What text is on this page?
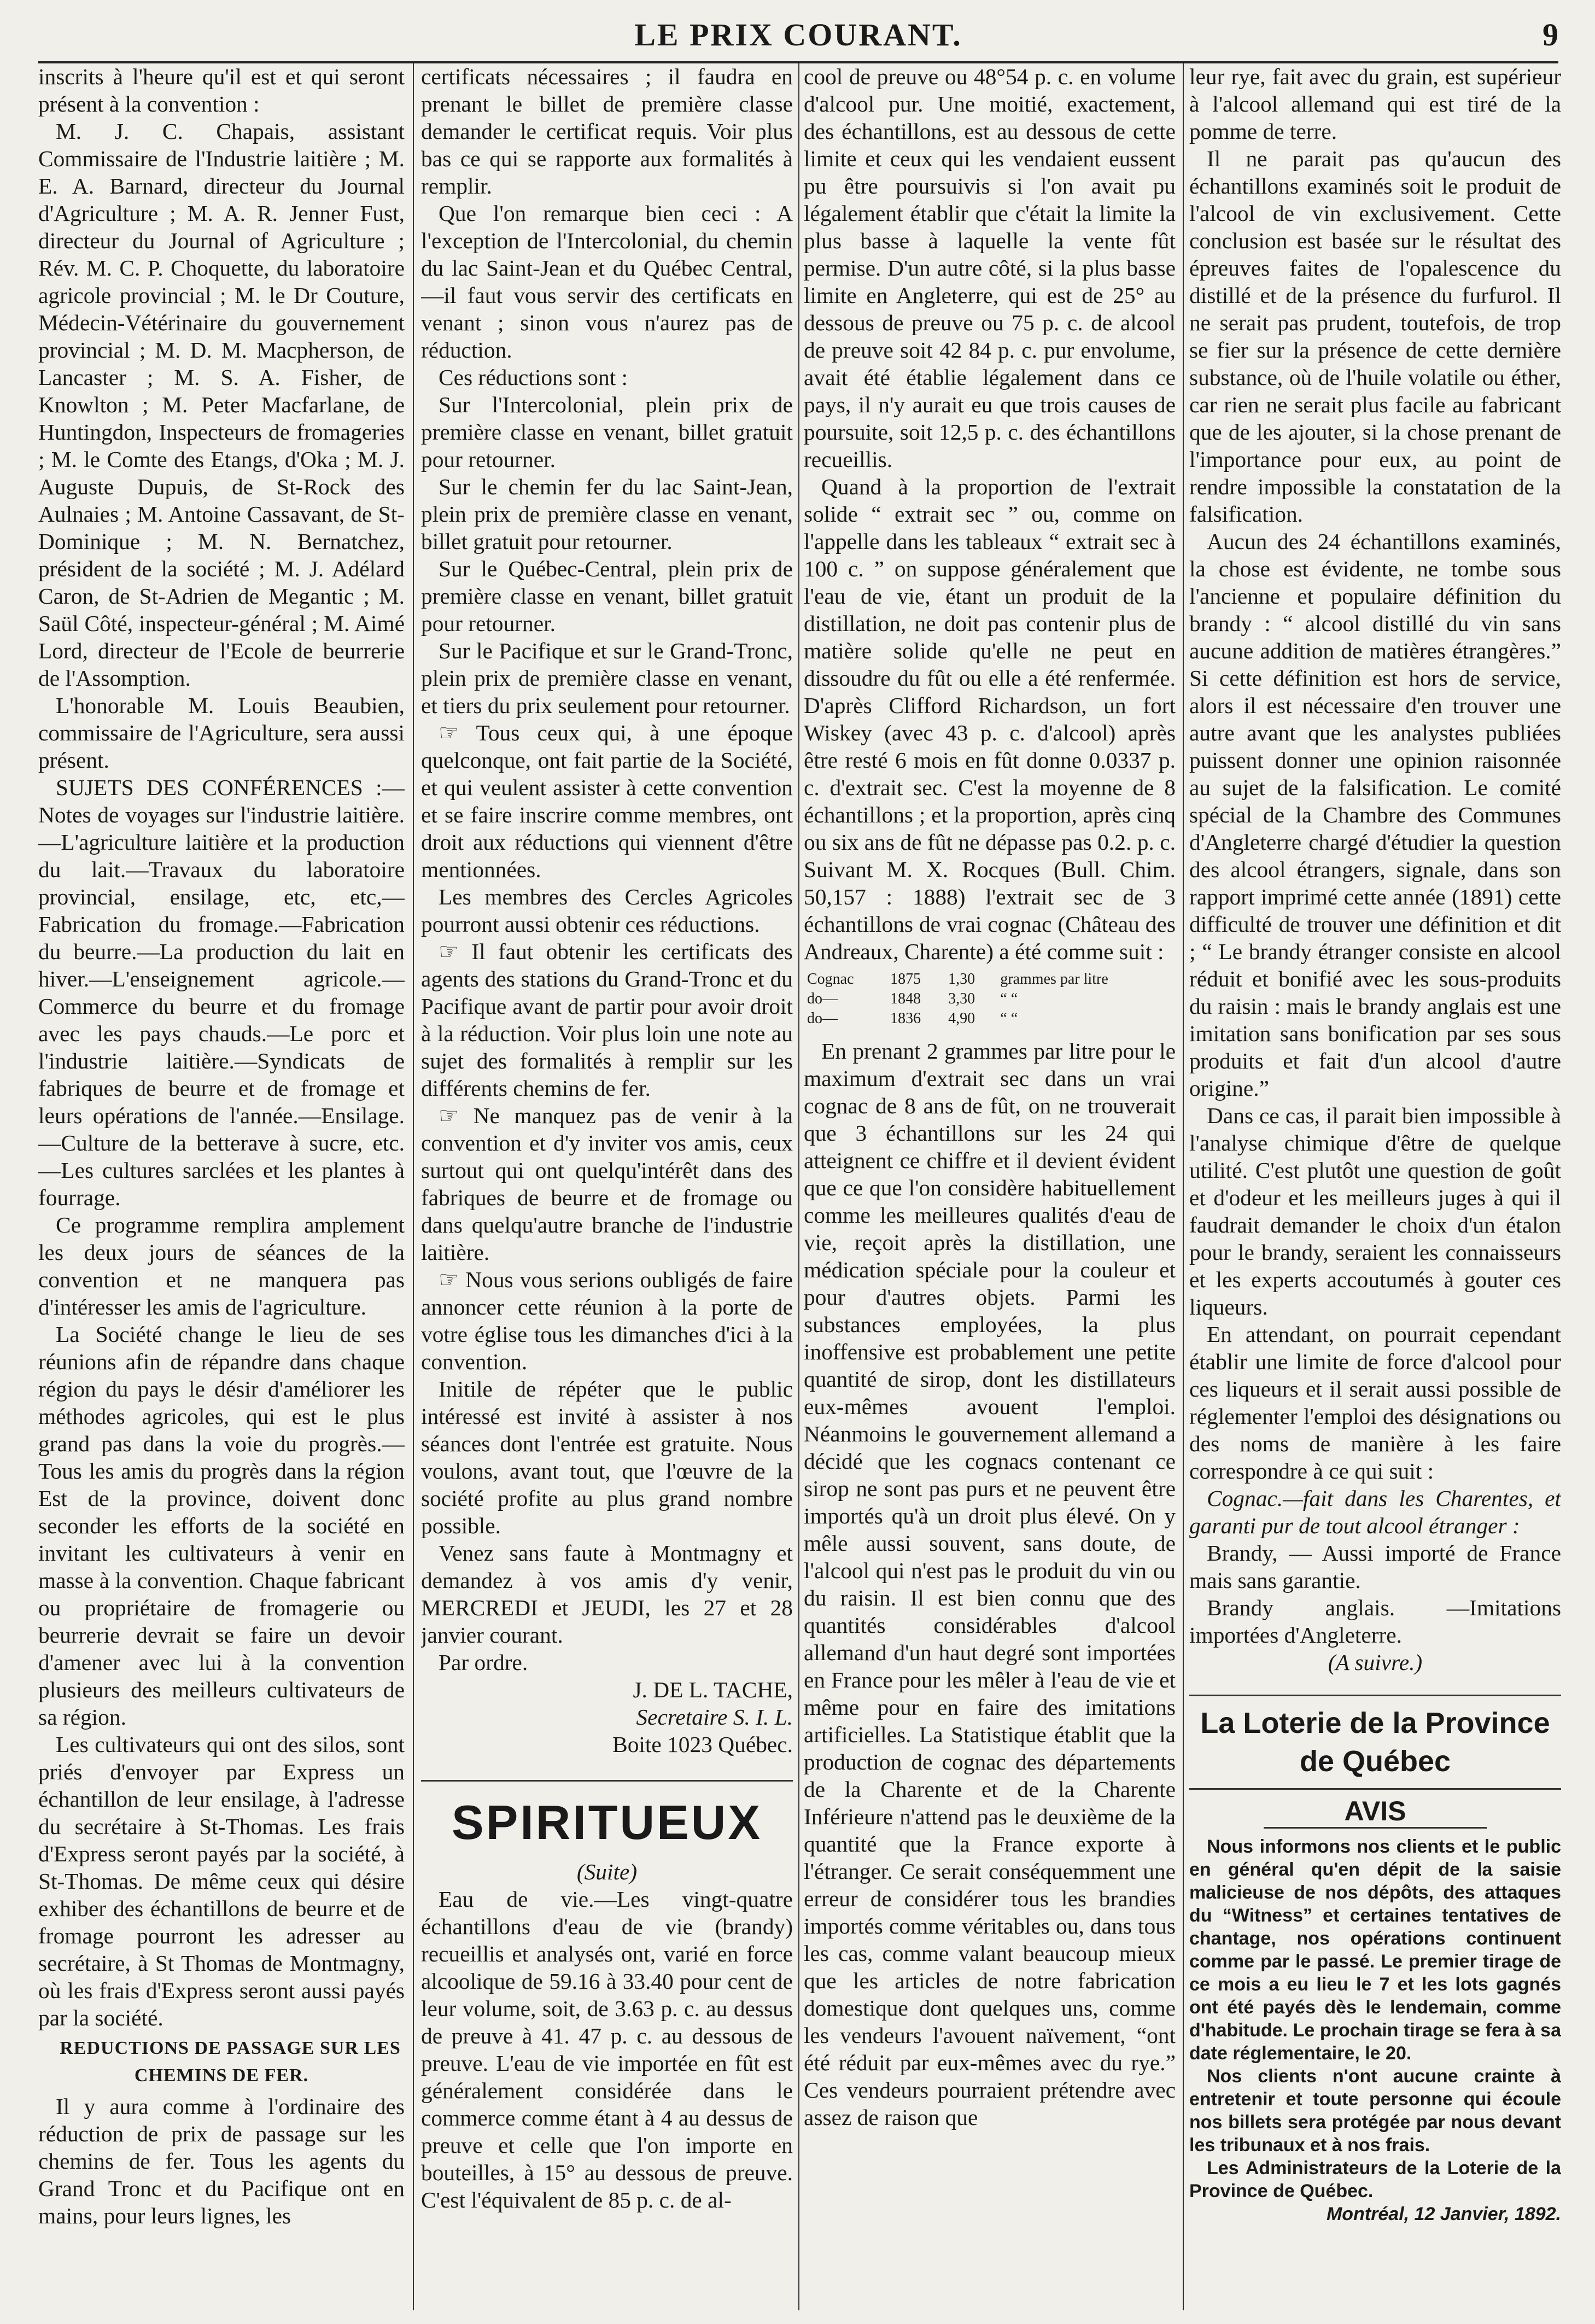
LE PRIX COURANT.	9

inscrits à l'heure qu'il est et qui seront présent à la convention :

M. J. C. Chapais, assistant Commissaire de l'Industrie laitière ; M. E. A. Barnard, directeur du Journal d'Agriculture ; M. A. R. Jenner Fust, directeur du Journal of Agriculture ; Rév. M. C. P. Choquette, du laboratoire agricole provincial ; M. le Dr Couture, Médecin-Vétérinaire du gouvernement provincial ; M. D. M. Macpherson, de Lancaster ; M. S. A. Fisher, de Knowlton ; M. Peter Macfarlane, de Huntingdon, Inspecteurs de fromageries ; M. le Comte des Etangs, d'Oka ; M. J. Auguste Dupuis, de St-Rock des Aulnaies ; M. Antoine Cassavant, de St-Dominique ; M. N. Bernatchez, président de la société ; M. J. Adélard Caron, de St-Adrien de Megantic ; M. Saül Côté, inspecteur-général ; M. Aimé Lord, directeur de l'Ecole de beurrerie de l'Assomption.

L'honorable M. Louis Beaubien, commissaire de l'Agriculture, sera aussi présent.

SUJETS DES CONFÉRENCES :— Notes de voyages sur l'industrie laitière.—L'agriculture laitière et la production du lait.—Travaux du laboratoire provincial, ensilage, etc, etc,—Fabrication du fromage.—Fabrication du beurre.—La production du lait en hiver.—L'enseignement agricole.—Commerce du beurre et du fromage avec les pays chauds.—Le porc et l'industrie laitière.—Syndicats de fabriques de beurre et de fromage et leurs opérations de l'année.—Ensilage.—Culture de la betterave à sucre, etc. —Les cultures sarclées et les plantes à fourrage.

Ce programme remplira amplement les deux jours de séances de la convention et ne manquera pas d'intéresser les amis de l'agriculture.

La Société change le lieu de ses réunions afin de répandre dans chaque région du pays le désir d'améliorer les méthodes agricoles, qui est le plus grand pas dans la voie du progrès.—Tous les amis du progrès dans la région Est de la province, doivent donc seconder les efforts de la société en invitant les cultivateurs à venir en masse à la convention. Chaque fabricant ou propriétaire de fromagerie ou beurrerie devrait se faire un devoir d'amener avec lui à la convention plusieurs des meilleurs cultivateurs de sa région.

Les cultivateurs qui ont des silos, sont priés d'envoyer par Express un échantillon de leur ensilage, à l'adresse du secrétaire à St-Thomas. Les frais d'Express seront payés par la société, à St-Thomas. De même ceux qui désire exhiber des échantillons de beurre et de fromage pourront les adresser au secrétaire, à St Thomas de Montmagny, où les frais d'Express seront aussi payés par la société.

REDUCTIONS DE PASSAGE SUR LES CHEMINS DE FER.

Il y aura comme à l'ordinaire des réduction de prix de passage sur les chemins de fer. Tous les agents du Grand Tronc et du Pacifique ont en mains, pour leurs lignes, les

certificats nécessaires ; il faudra en prenant le billet de première classe demander le certificat requis. Voir plus bas ce qui se rapporte aux formalités à remplir.

Que l'on remarque bien ceci : A l'exception de l'Intercolonial, du chemin du lac Saint-Jean et du Québec Central,—il faut vous servir des certificats en venant ; sinon vous n'aurez pas de réduction.

Ces réductions sont :

Sur l'Intercolonial, plein prix de première classe en venant, billet gratuit pour retourner.

Sur le chemin fer du lac Saint-Jean, plein prix de première classe en venant, billet gratuit pour retourner.

Sur le Québec-Central, plein prix de première classe en venant, billet gratuit pour retourner.

Sur le Pacifique et sur le Grand-Tronc, plein prix de première classe en venant, et tiers du prix seulement pour retourner.

☞ Tous ceux qui, à une époque quelconque, ont fait partie de la Société, et qui veulent assister à cette convention et se faire inscrire comme membres, ont droit aux réductions qui viennent d'être mentionnées.

Les membres des Cercles Agricoles pourront aussi obtenir ces réductions.

☞ Il faut obtenir les certificats des agents des stations du Grand-Tronc et du Pacifique avant de partir pour avoir droit à la réduction. Voir plus loin une note au sujet des formalités à remplir sur les différents chemins de fer.

☞ Ne manquez pas de venir à la convention et d'y inviter vos amis, ceux surtout qui ont quelqu'intérêt dans des fabriques de beurre et de fromage ou dans quelqu'autre branche de l'industrie laitière.

☞ Nous vous serions oubligés de faire annoncer cette réunion à la porte de votre église tous les dimanches d'ici à la convention.

Initile de répéter que le public intéressé est invité à assister à nos séances dont l'entrée est gratuite. Nous voulons, avant tout, que l'œuvre de la société profite au plus grand nombre possible.

Venez sans faute à Montmagny et demandez à vos amis d'y venir, MERCREDI et JEUDI, les 27 et 28 janvier courant.

Par ordre.

J. DE L. TACHE,

Secretaire S. I. L.

Boite 1023 Québec.

SPIRITUEUX

(Suite)

Eau de vie.—Les vingt-quatre échantillons d'eau de vie (brandy) recueillis et analysés ont, varié en force alcoolique de 59.16 à 33.40 pour cent de leur volume, soit, de 3.63 p. c. au dessus de preuve à 41. 47 p. c. au dessous de preuve. L'eau de vie importée en fût est généralement considérée dans le commerce comme étant à 4 au dessus de preuve et celle que l'on importe en bouteilles, à 15° au dessous de preuve. C'est l'équivalent de 85 p. c. de al-

cool de preuve ou 48°54 p. c. en volume d'alcool pur. Une moitié, exactement, des échantillons, est au dessous de cette limite et ceux qui les vendaient eussent pu être poursuivis si l'on avait pu légalement établir que c'était la limite la plus basse à laquelle la vente fût permise. D'un autre côté, si la plus basse limite en Angleterre, qui est de 25° au dessous de preuve ou 75 p. c. de alcool de preuve soit 42 84 p. c. pur envolume, avait été établie légalement dans ce pays, il n'y aurait eu que trois causes de poursuite, soit 12,5 p. c. des échantillons recueillis.

Quand à la proportion de l'extrait solide “ extrait sec ” ou, comme on l'appelle dans les tableaux “ extrait sec à 100 c. ” on suppose généralement que l'eau de vie, étant un produit de la distillation, ne doit pas contenir plus de matière solide qu'elle ne peut en dissoudre du fût ou elle a été renfermée. D'après Clifford Richardson, un fort Wiskey (avec 43 p. c. d'alcool) après être resté 6 mois en fût donne 0.0337 p. c. d'extrait sec. C'est la moyenne de 8 échantillons ; et la proportion, après cinq ou six ans de fût ne dépasse pas 0.2. p. c. Suivant M. X. Rocques (Bull. Chim. 50,157 : 1888) l'extrait sec de 3 échantillons de vrai cognac (Château des Andreaux, Charente) a été comme suit :

Cognac	1875	1,30	grammes par litre
do—	1848	3,30	“ “
do—	1836	4,90	“ “

En prenant 2 grammes par litre pour le maximum d'extrait sec dans un vrai cognac de 8 ans de fût, on ne trouverait que 3 échantillons sur les 24 qui atteignent ce chiffre et il devient évident que ce que l'on considère habituellement comme les meilleures qualités d'eau de vie, reçoit après la distillation, une médication spéciale pour la couleur et pour d'autres objets. Parmi les substances employées, la plus inoffensive est probablement une petite quantité de sirop, dont les distillateurs eux-mêmes avouent l'emploi. Néanmoins le gouvernement allemand a décidé que les cognacs contenant ce sirop ne sont pas purs et ne peuvent être importés qu'à un droit plus élevé. On y mêle aussi souvent, sans doute, de l'alcool qui n'est pas le produit du vin ou du raisin. Il est bien connu que des quantités considérables d'alcool allemand d'un haut degré sont importées en France pour les mêler à l'eau de vie et même pour en faire des imitations artificielles. La Statistique établit que la production de cognac des départements de la Charente et de la Charente Inférieure n'attend pas le deuxième de la quantité que la France exporte à l'étranger. Ce serait conséquemment une erreur de considérer tous les brandies importés comme véritables ou, dans tous les cas, comme valant beaucoup mieux que les articles de notre fabrication domestique dont quelques uns, comme les vendeurs l'avouent naïvement, “ont été réduit par eux-mêmes avec du rye.” Ces vendeurs pourraient prétendre avec assez de raison que

leur rye, fait avec du grain, est supérieur à l'alcool allemand qui est tiré de la pomme de terre.

Il ne parait pas qu'aucun des échantillons examinés soit le produit de l'alcool de vin exclusivement. Cette conclusion est basée sur le résultat des épreuves faites de l'opalescence du distillé et de la présence du furfurol. Il ne serait pas prudent, toutefois, de trop se fier sur la présence de cette dernière substance, où de l'huile volatile ou éther, car rien ne serait plus facile au fabricant que de les ajouter, si la chose prenant de l'importance pour eux, au point de rendre impossible la constatation de la falsification.

Aucun des 24 échantillons examinés, la chose est évidente, ne tombe sous l'ancienne et populaire définition du brandy : “ alcool distillé du vin sans aucune addition de matières étrangères.” Si cette définition est hors de service, alors il est nécessaire d'en trouver une autre avant que les analystes publiées puissent donner une opinion raisonnée au sujet de la falsification. Le comité spécial de la Chambre des Communes d'Angleterre chargé d'étudier la question des alcool étrangers, signale, dans son rapport imprimé cette année (1891) cette difficulté de trouver une définition et dit ; “ Le brandy étranger consiste en alcool réduit et bonifié avec les sous-produits du raisin : mais le brandy anglais est une imitation sans bonification par ses sous produits et fait d'un alcool d'autre origine.”

Dans ce cas, il parait bien impossible à l'analyse chimique d'être de quelque utilité. C'est plutôt une question de goût et d'odeur et les meilleurs juges à qui il faudrait demander le choix d'un étalon pour le brandy, seraient les connaisseurs et les experts accoutumés à gouter ces liqueurs.

En attendant, on pourrait cependant établir une limite de force d'alcool pour ces liqueurs et il serait aussi possible de réglementer l'emploi des désignations ou des noms de manière à les faire correspondre à ce qui suit :

Cognac.—fait dans les Charentes, et garanti pur de tout alcool étranger :

Brandy, — Aussi importé de France mais sans garantie.

Brandy anglais. —Imitations importées d'Angleterre.

(A suivre.)

La Loterie de la Province de Québec
AVIS

Nous informons nos clients et le public en général qu'en dépit de la saisie malicieuse de nos dépôts, des attaques du “Witness” et certaines tentatives de chantage, nos opérations continuent comme par le passé. Le premier tirage de ce mois a eu lieu le 7 et les lots gagnés ont été payés dès le lendemain, comme d'habitude. Le prochain tirage se fera à sa date réglementaire, le 20.

Nos clients n'ont aucune crainte à entretenir et toute personne qui écoule nos billets sera protégée par nous devant les tribunaux et à nos frais.

Les Administrateurs de la Loterie de la Province de Québec.

Montréal, 12 Janvier, 1892.
